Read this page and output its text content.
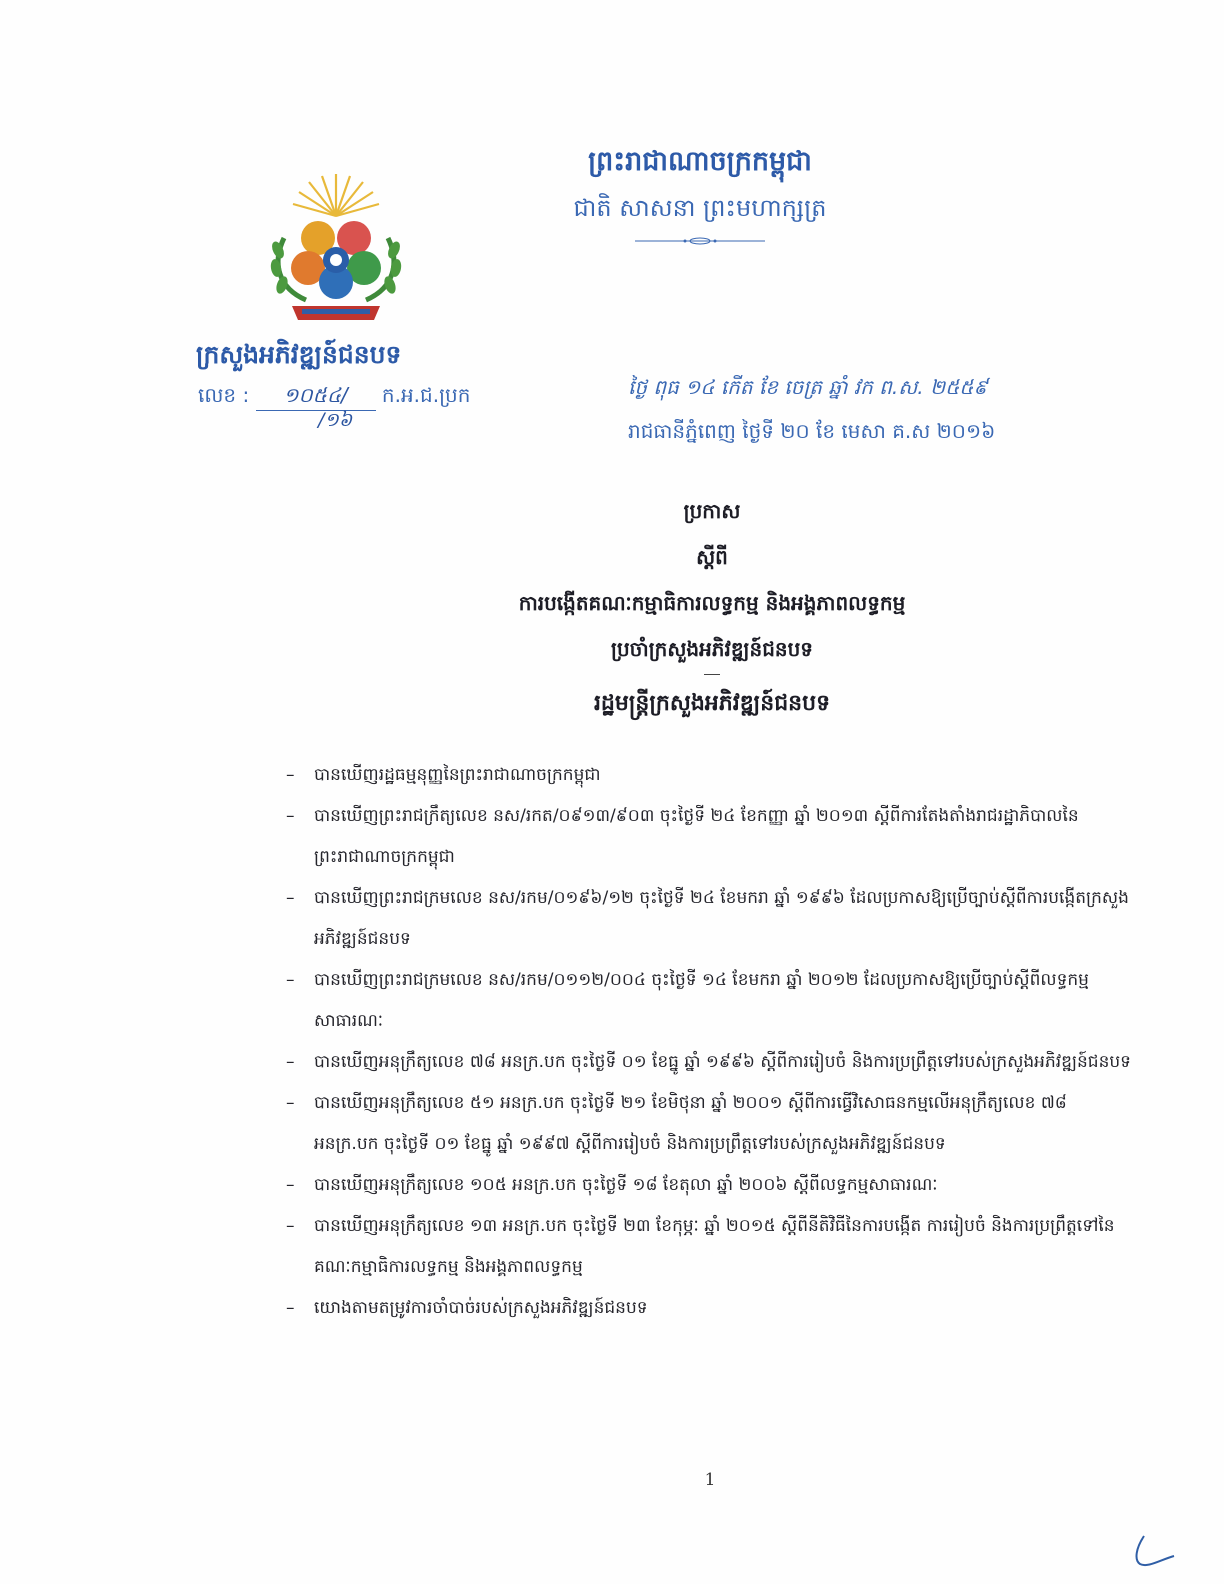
ព្រះរាជាណាចក្រកម្ពុជា
ជាតិ សាសនា ព្រះមហាក្សត្រ
ក្រសួងអភិវឌ្ឍន៍ជនបទ
លេខ : ១០៥៤/ ក.អ.ជ.ប្រក
/១៦
ថ្ងៃ ពុធ ១៤ កើត ខែ ចេត្រ ឆ្នាំ វក ព.ស. ២៥៥៩
រាជធានីភ្នំពេញ ថ្ងៃទី ២០ ខែ មេសា គ.ស ២០១៦
ប្រកាស
ស្តីពី
ការបង្កើតគណៈកម្មាធិការលទ្ធកម្ម និងអង្គភាពលទ្ធកម្ម
ប្រចាំក្រសួងអភិវឌ្ឍន៍ជនបទ
រដ្ឋមន្ត្រីក្រសួងអភិវឌ្ឍន៍ជនបទ
– បានឃើញរដ្ឋធម្មនុញ្ញនៃព្រះរាជាណាចក្រកម្ពុជា
– បានឃើញព្រះរាជក្រឹត្យលេខ នស/រកត/០៩១៣/៩០៣ ចុះថ្ងៃទី ២៤ ខែកញ្ញា ឆ្នាំ ២០១៣ ស្តីពីការតែងតាំងរាជរដ្ឋាភិបាលនៃព្រះរាជាណាចក្រកម្ពុជា
– បានឃើញព្រះរាជក្រមលេខ នស/រកម/០១៩៦/១២ ចុះថ្ងៃទី ២៤ ខែមករា ឆ្នាំ ១៩៩៦ ដែលប្រកាសឱ្យប្រើច្បាប់ស្តីពីការបង្កើតក្រសួងអភិវឌ្ឍន៍ជនបទ
– បានឃើញព្រះរាជក្រមលេខ នស/រកម/០១១២/០០៤ ចុះថ្ងៃទី ១៤ ខែមករា ឆ្នាំ ២០១២ ដែលប្រកាសឱ្យប្រើច្បាប់ស្តីពីលទ្ធកម្មសាធារណៈ
– បានឃើញអនុក្រឹត្យលេខ ៧៨ អនក្រ.បក ចុះថ្ងៃទី ០១ ខែធ្នូ ឆ្នាំ ១៩៩៦ ស្តីពីការរៀបចំ និងការប្រព្រឹត្តទៅរបស់ក្រសួងអភិវឌ្ឍន៍ជនបទ
– បានឃើញអនុក្រឹត្យលេខ ៥១ អនក្រ.បក ចុះថ្ងៃទី ២១ ខែមិថុនា ឆ្នាំ ២០០១ ស្តីពីការធ្វើវិសោធនកម្មលើអនុក្រឹត្យលេខ ៧៨ អនក្រ.បក ចុះថ្ងៃទី ០១ ខែធ្នូ ឆ្នាំ ១៩៩៧ ស្តីពីការរៀបចំ និងការប្រព្រឹត្តទៅរបស់ក្រសួងអភិវឌ្ឍន៍ជនបទ
– បានឃើញអនុក្រឹត្យលេខ ១០៥ អនក្រ.បក ចុះថ្ងៃទី ១៨ ខែតុលា ឆ្នាំ ២០០៦ ស្តីពីលទ្ធកម្មសាធារណៈ
– បានឃើញអនុក្រឹត្យលេខ ១៣ អនក្រ.បក ចុះថ្ងៃទី ២៣ ខែកុម្ភៈ ឆ្នាំ ២០១៥ ស្តីពីនីតិវិធីនៃការបង្កើត ការរៀបចំ និងការប្រព្រឹត្តទៅនៃគណៈកម្មាធិការលទ្ធកម្ម និងអង្គភាពលទ្ធកម្ម
– យោងតាមតម្រូវការចាំបាច់របស់ក្រសួងអភិវឌ្ឍន៍ជនបទ
1
